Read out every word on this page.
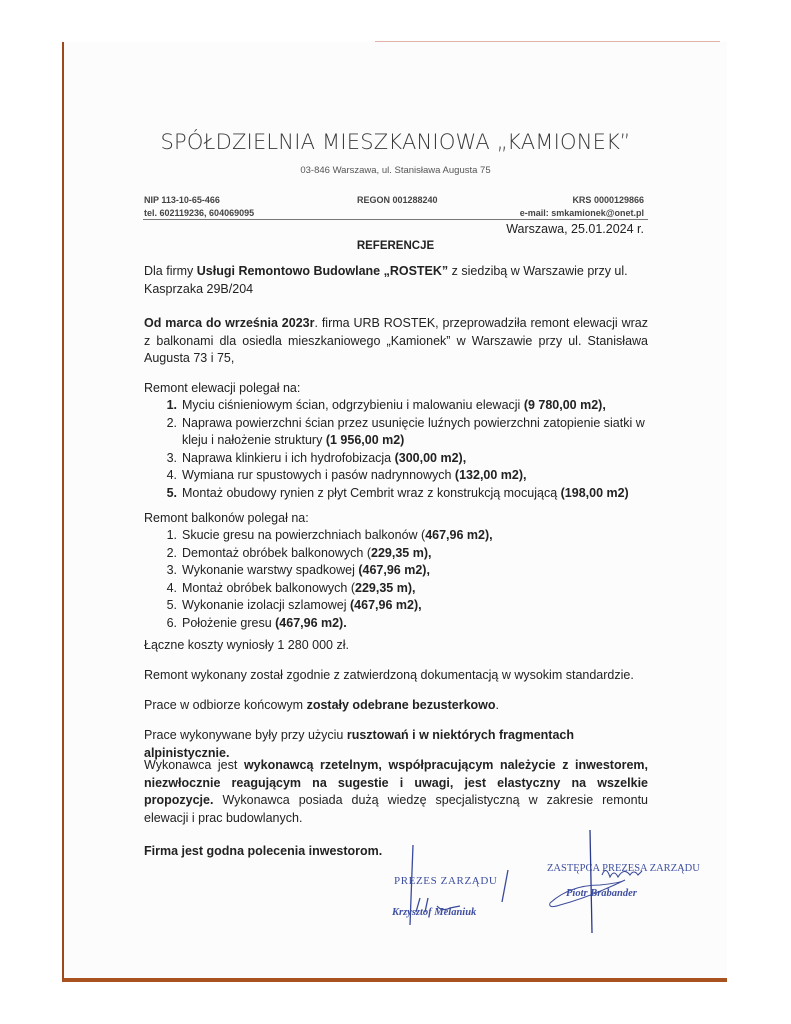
SPÓŁDZIELNIA MIESZKANIOWA „KAMIONEK”
03-846 Warszawa, ul. Stanisława Augusta 75
NIP 113-10-65-466
tel. 602119236, 604069095
REGON 001288240	KRS 0000129866
e-mail: smkamionek@onet.pl
Warszawa, 25.01.2024 r.
REFERENCJE
Dla firmy Usługi Remontowo Budowlane „ROSTEK” z siedzibą w Warszawie przy ul. Kasprzaka 29B/204
Od marca do września 2023r. firma URB ROSTEK, przeprowadziła remont elewacji wraz z balkonami dla osiedla mieszkaniowego „Kamionek” w Warszawie przy ul. Stanisława Augusta 73 i 75,
Remont elewacji polegał na:
1. Myciu ciśnieniowym ścian, odgrzybieniu i malowaniu elewacji (9 780,00 m2),
2. Naprawa powierzchni ścian przez usunięcie luźnych powierzchni zatopienie siatki w kleju i nałożenie struktury (1 956,00 m2)
3. Naprawa klinkieru i ich hydrofobizacja (300,00 m2),
4. Wymiana rur spustowych i pasów nadrynnowych (132,00 m2),
5. Montaż obudowy rynien z płyt Cembrit wraz z konstrukcją mocującą (198,00 m2)
Remont balkonów polegał na:
1. Skucie gresu na powierzchniach balkonów (467,96 m2),
2. Demontaż obróbek balkonowych (229,35 m),
3. Wykonanie warstwy spadkowej (467,96 m2),
4. Montaż obróbek balkonowych (229,35 m),
5. Wykonanie izolacji szlamowej (467,96 m2),
6. Położenie gresu (467,96 m2).
Łączne koszty wyniosły 1 280 000 zł.
Remont wykonany został zgodnie z zatwierdzoną dokumentacją w wysokim standardzie.
Prace w odbiorze końcowym zostały odebrane bezusterkowo.
Prace wykonywane były przy użyciu rusztowań i w niektórych fragmentach alpinistycznie.
Wykonawca jest wykonawcą rzetelnym, współpracującym należycie z inwestorem, niezwłocznie reagującym na sugestie i uwagi, jest elastyczny na wszelkie propozycje. Wykonawca posiada dużą wiedzę specjalistyczną w zakresie remontu elewacji i prac budowlanych.
Firma jest godna polecenia inwestorom.
PREZES ZARZĄDU
Krzysztof Melaniuk
ZASTĘPCA PREZESA ZARZĄDU
Piotr Brabander
